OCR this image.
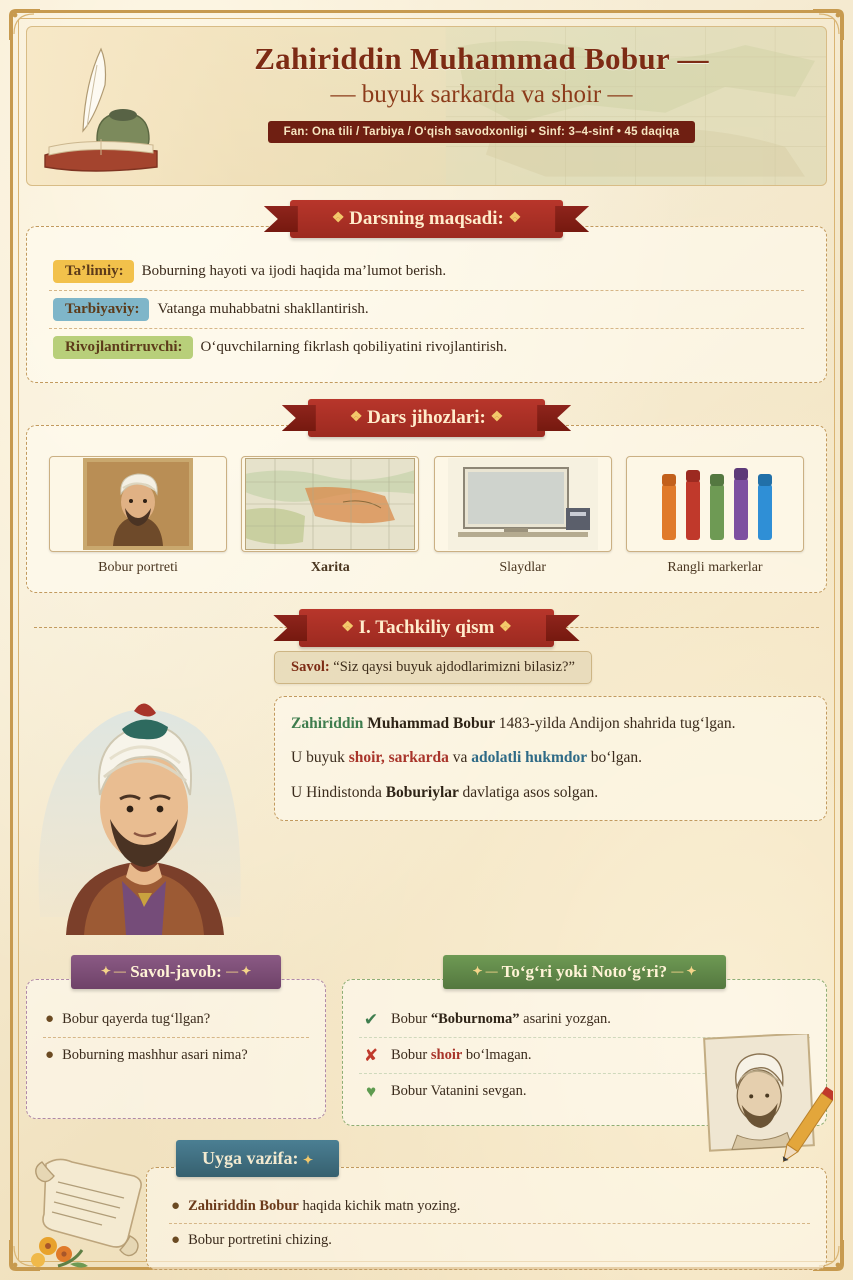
Zahiriddin Muhammad Bobur —
— buyuk sarkarda va shoir —
Fan: Ona tili / Tarbiya / O‘qish savodxonligi • Sinf: 3–4-sinf • 45 daqiqa
❖ Darsning maqsadi: ❖
Ta’limiy:	Boburning hayoti va ijodi haqida ma’lumot berish.
Tarbiyaviy:	Vatanga muhabbatni shakllantirish.
Rivojlantirruvchi:	O‘quvchilarning fikrlash qobiliyatini rivojlantirish.
❖ Dars jihozlari: ❖
Bobur portreti	Xarita	Slaydlar	Rangli markerlar
❖ I. Tachkiliy qism ❖
Savol: “Siz qaysi buyuk ajdodlarimizni bilasiz?”

Zahiriddin Muhammad Bobur 1483-yilda Andijon shahrida tug‘lgan.

U buyuk shoir, sarkarda va adolatli hukmdor bo‘lgan.

U Hindistonda Boburiylar davlatiga asos solgan.

✦ — Savol-javob: — ✦
● Bobur qayerda tug‘llgan?
● Boburning mashhur asari nima?
✦ — To‘g‘ri yoki Noto‘g‘ri? — ✦
✔ Bobur “Boburnoma” asarini yozgan.
✘ Bobur shoir bo‘lmagan.
♥	Bobur Vatanini sevgan.
Uyga vazifa: ✦
● Zahiriddin Bobur haqida kichik matn yozing.
● Bobur portretini chizing.
